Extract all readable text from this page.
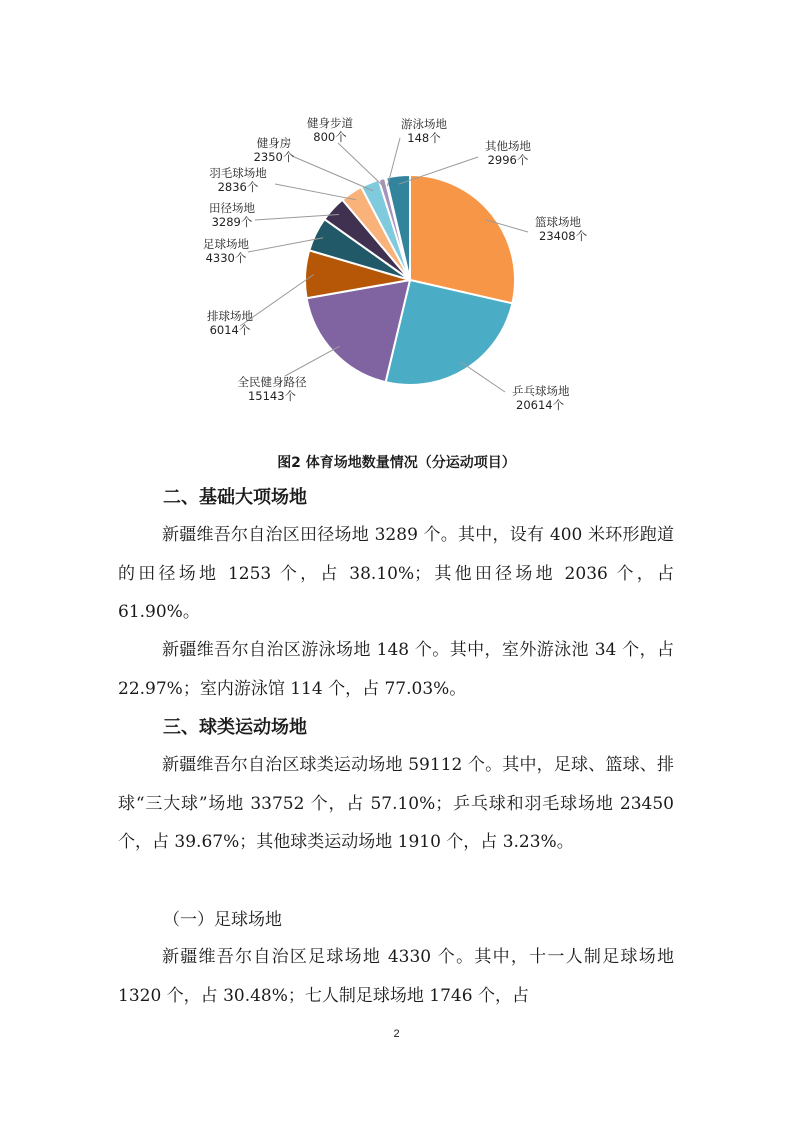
篮球场地
23408个
乒乓球场地
20614个
全民健身路径
15143个
排球场地
6014个
足球场地
4330个
田径场地
3289个
羽毛球场地
2836个
健身房
2350个
健身步道
800个
游泳场地
148个
其他场地
2996个
图2 体育场地数量情况（分运动项目）
二、基础大项场地
新疆维吾尔自治区田径场地 3289 个。其中，设有 400 米环形跑道的田径场地 1253 个，占 38.10%；其他田径场地 2036 个，占 61.90%。
新疆维吾尔自治区游泳场地 148 个。其中，室外游泳池 34 个，占 22.97%；室内游泳馆 114 个，占 77.03%。
三、球类运动场地
新疆维吾尔自治区球类运动场地 59112 个。其中，足球、篮球、排球“三大球”场地 33752 个，占 57.10%；乒乓球和羽毛球场地 23450 个，占 39.67%；其他球类运动场地 1910 个，占 3.23%。
（一）足球场地
新疆维吾尔自治区足球场地 4330 个。其中，十一人制足球场地 1320 个，占 30.48%；七人制足球场地 1746 个，占
2
